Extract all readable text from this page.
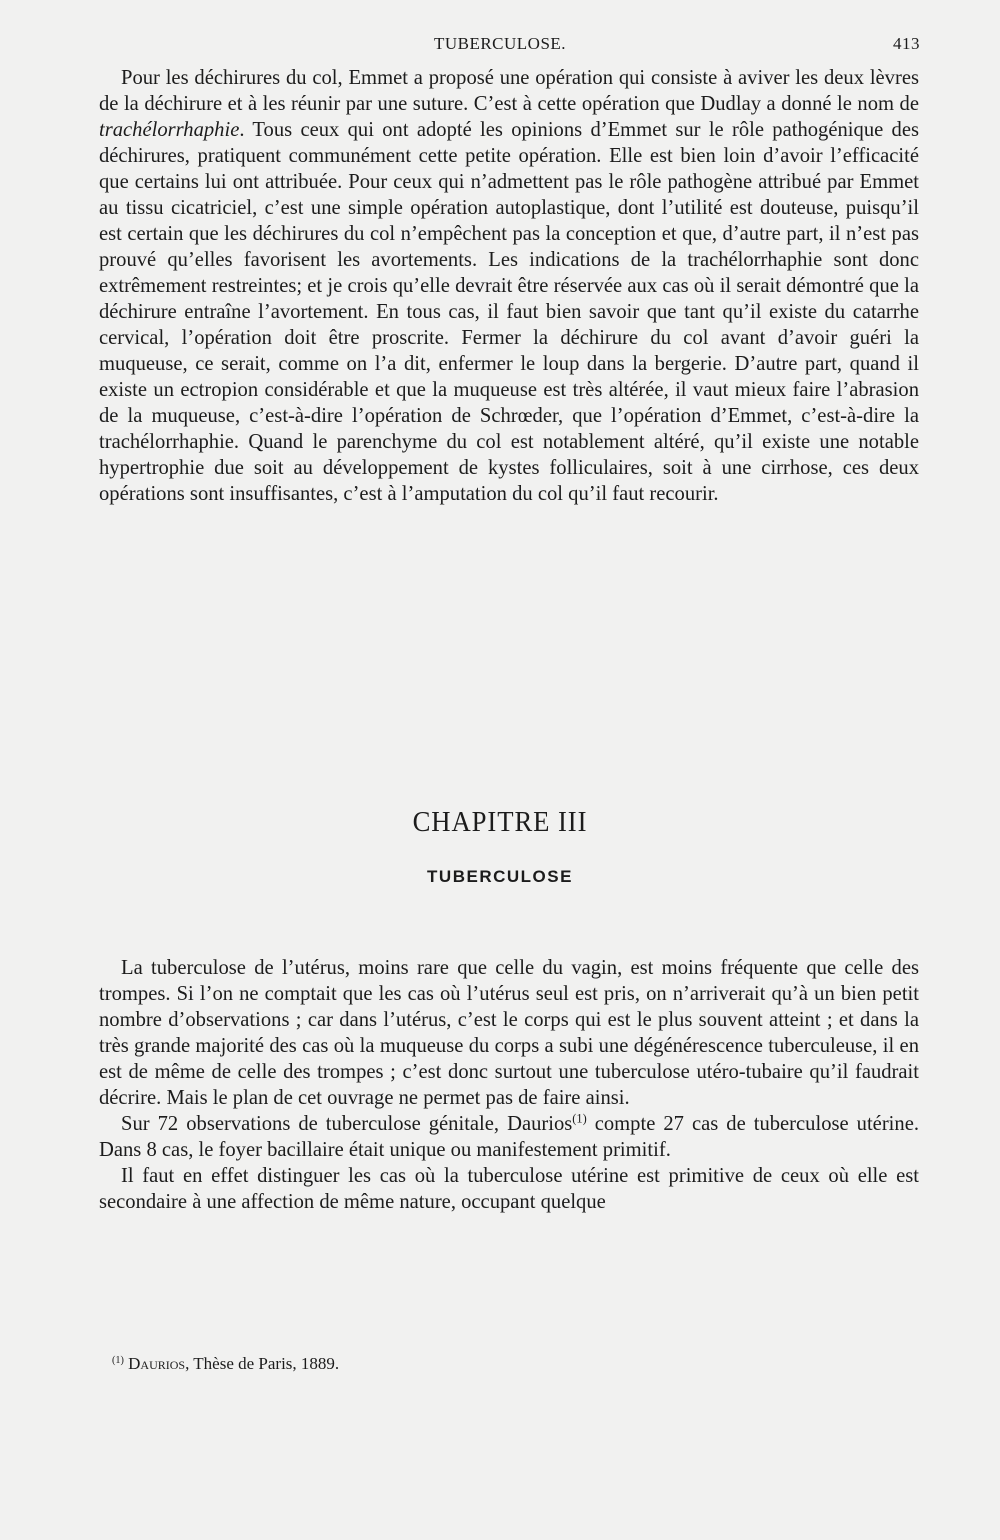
TUBERCULOSE.	413

Pour les déchirures du col, Emmet a proposé une opération qui consiste à aviver les deux lèvres de la déchirure et à les réunir par une suture. C’est à cette opération que Dudlay a donné le nom de trachélorrhaphie. Tous ceux qui ont adopté les opinions d’Emmet sur le rôle pathogénique des déchirures, pratiquent communément cette petite opération. Elle est bien loin d’avoir l’efficacité que certains lui ont attribuée. Pour ceux qui n’admettent pas le rôle pathogène attribué par Emmet au tissu cicatriciel, c’est une simple opération autoplastique, dont l’utilité est douteuse, puisqu’il est certain que les déchirures du col n’empêchent pas la conception et que, d’autre part, il n’est pas prouvé qu’elles favorisent les avortements. Les indications de la trachélorrhaphie sont donc extrêmement restreintes; et je crois qu’elle devrait être réservée aux cas où il serait démontré que la déchirure entraîne l’avortement. En tous cas, il faut bien savoir que tant qu’il existe du catarrhe cervical, l’opération doit être proscrite. Fermer la déchirure du col avant d’avoir guéri la muqueuse, ce serait, comme on l’a dit, enfermer le loup dans la bergerie. D’autre part, quand il existe un ectropion considérable et que la muqueuse est très altérée, il vaut mieux faire l’abrasion de la muqueuse, c’est-à-dire l’opération de Schrœder, que l’opération d’Emmet, c’est-à-dire la trachélorrhaphie. Quand le parenchyme du col est notablement altéré, qu’il existe une notable hypertrophie due soit au développement de kystes folliculaires, soit à une cirrhose, ces deux opérations sont insuffisantes, c’est à l’amputation du col qu’il faut recourir.

CHAPITRE III
TUBERCULOSE

La tuberculose de l’utérus, moins rare que celle du vagin, est moins fréquente que celle des trompes. Si l’on ne comptait que les cas où l’utérus seul est pris, on n’arriverait qu’à un bien petit nombre d’observations ; car dans l’utérus, c’est le corps qui est le plus souvent atteint ; et dans la très grande majorité des cas où la muqueuse du corps a subi une dégénérescence tuberculeuse, il en est de même de celle des trompes ; c’est donc surtout une tuberculose utéro-tubaire qu’il faudrait décrire. Mais le plan de cet ouvrage ne permet pas de faire ainsi.

Sur 72 observations de tuberculose génitale, Daurios$^{(1)}$ compte 27 cas de tuberculose utérine. Dans 8 cas, le foyer bacillaire était unique ou manifestement primitif.

Il faut en effet distinguer les cas où la tuberculose utérine est primitive de ceux où elle est secondaire à une affection de même nature, occupant quelque

$^{(1)}$ Daurios, Thèse de Paris, 1889.
